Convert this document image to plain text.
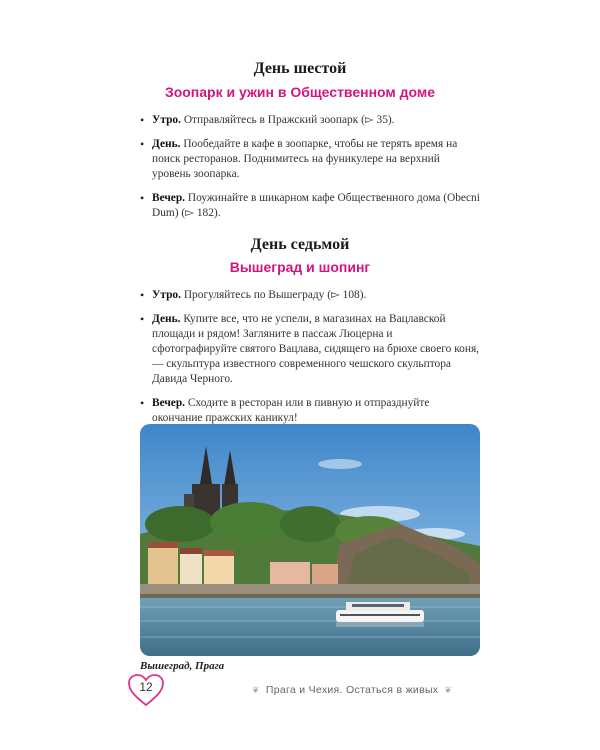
День шестой
Зоопарк и ужин в Общественном доме
• Утро. Отправляйтесь в Пражский зоопарк (▻ 35).
• День. Пообедайте в кафе в зоопарке, чтобы не терять время на поиск ресторанов. Поднимитесь на фуникулере на верхний уровень зоопарка.
• Вечер. Поужинайте в шикарном кафе Общественного дома (Obecni Dum) (▻ 182).
День седьмой
Вышеград и шопинг
• Утро. Прогуляйтесь по Вышеграду (▻ 108).
• День. Купите все, что не успели, в магазинах на Вацлавской площади и рядом! Загляните в пассаж Люцерна и сфотографируйте святого Вацлава, сидящего на брюхе своего коня, — скульптура известного современного чешского скульптора Давида Черного.
• Вечер. Сходите в ресторан или в пивную и отпразднуйте окончание пражских каникул!
Вышеград, Прага
12	❦ Прага и Чехия. Остаться в живых ❦
